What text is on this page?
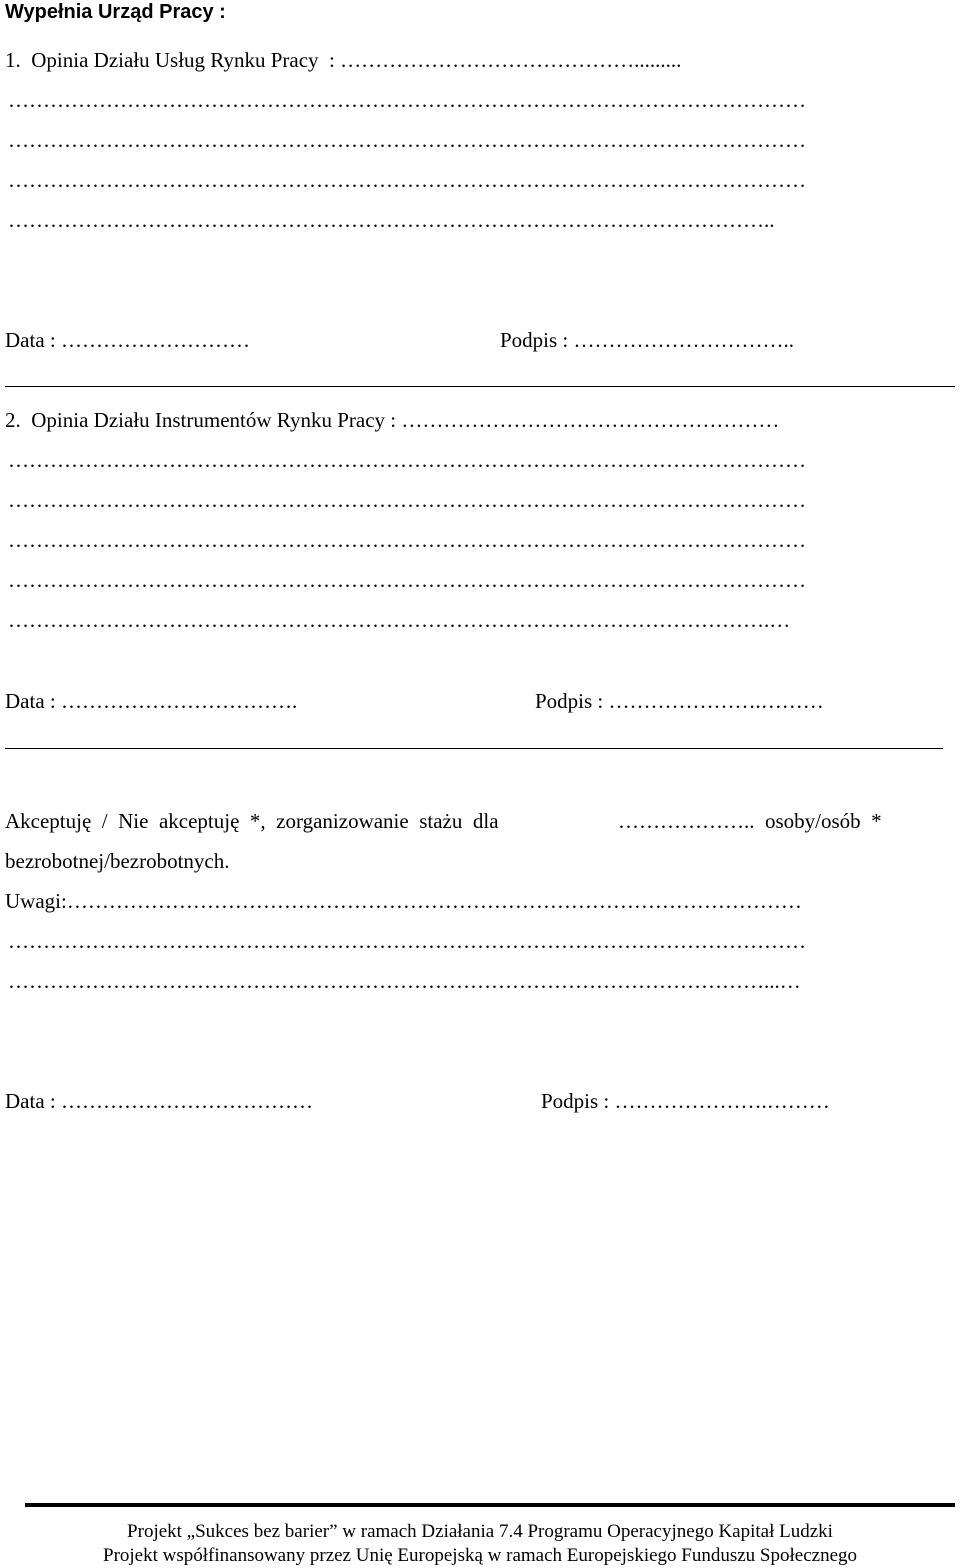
Wypełnia Urząd Pracy :
1.  Opinia Działu Usług Rynku Pracy  : …………………………………….........
……………………………………………………………………………………………………
……………………………………………………………………………………………………
……………………………………………………………………………………………………
………………………………………………………………………………………………..
Data : ………………………	Podpis : …………………………..
2.  Opinia Działu Instrumentów Rynku Pracy : ………………………………………………
……………………………………………………………………………………………………
……………………………………………………………………………………………………
……………………………………………………………………………………………………
……………………………………………………………………………………………………
……………………………………………………………………………………………….…
Data : …………………………….	Podpis : ………………….………
Akceptuję  /  Nie  akceptuję  *,  zorganizowanie  stażu  dla	………………..  osoby/osób  *
bezrobotnej/bezrobotnych.
Uwagi:……………………………………………………………………………………………
……………………………………………………………………………………………………
………………………………………………………………………………………………...…
Data : ………………………………	Podpis : ………………….………
Projekt „Sukces bez barier” w ramach Działania 7.4 Programu Operacyjnego Kapitał Ludzki
Projekt współfinansowany przez Unię Europejską w ramach Europejskiego Funduszu Społecznego
